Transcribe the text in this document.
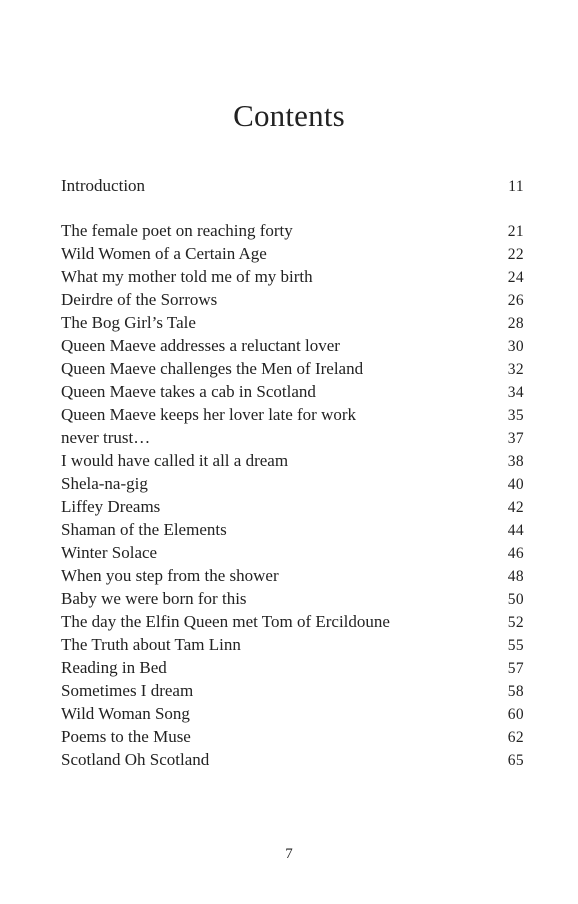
Contents
Introduction	11
The female poet on reaching forty	21
Wild Women of a Certain Age	22
What my mother told me of my birth	24
Deirdre of the Sorrows	26
The Bog Girl’s Tale	28
Queen Maeve addresses a reluctant lover	30
Queen Maeve challenges the Men of Ireland	32
Queen Maeve takes a cab in Scotland	34
Queen Maeve keeps her lover late for work	35
never trust…	37
I would have called it all a dream	38
Shela-na-gig	40
Liffey Dreams	42
Shaman of the Elements	44
Winter Solace	46
When you step from the shower	48
Baby we were born for this	50
The day the Elfin Queen met Tom of Ercildoune	52
The Truth about Tam Linn	55
Reading in Bed	57
Sometimes I dream	58
Wild Woman Song	60
Poems to the Muse	62
Scotland Oh Scotland	65
7
